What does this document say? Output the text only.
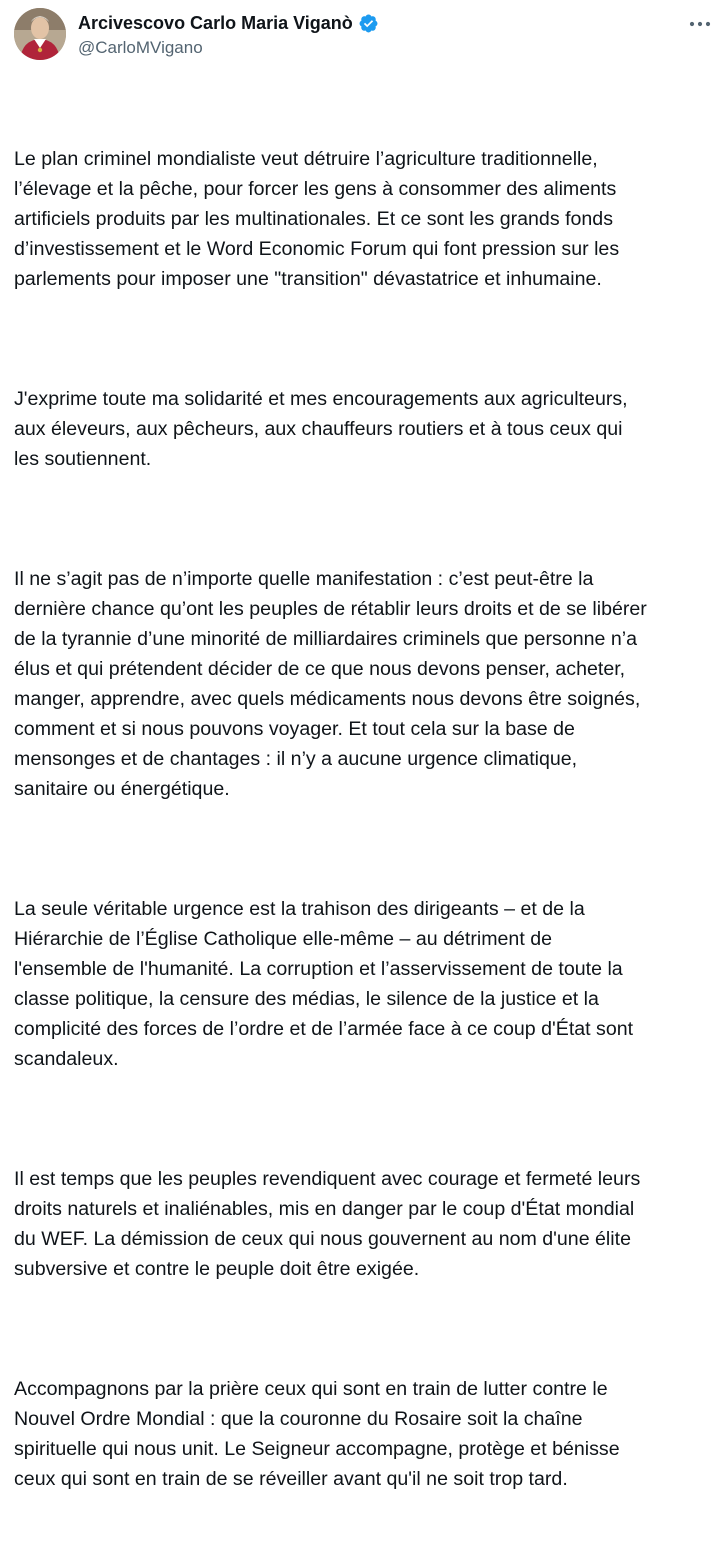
Arcivescovo Carlo Maria Viganò
@CarloMVigano

Le plan criminel mondialiste veut détruire l’agriculture traditionnelle,
l’élevage et la pêche, pour forcer les gens à consommer des aliments
artificiels produits par les multinationales. Et ce sont les grands fonds
d’investissement et le Word Economic Forum qui font pression sur les
parlements pour imposer une "transition" dévastatrice et inhumaine.

J'exprime toute ma solidarité et mes encouragements aux agriculteurs,
aux éleveurs, aux pêcheurs, aux chauffeurs routiers et à tous ceux qui
les soutiennent.

Il ne s’agit pas de n’importe quelle manifestation : c’est peut-être la
dernière chance qu’ont les peuples de rétablir leurs droits et de se libérer
de la tyrannie d’une minorité de milliardaires criminels que personne n’a
élus et qui prétendent décider de ce que nous devons penser, acheter,
manger, apprendre, avec quels médicaments nous devons être soignés,
comment et si nous pouvons voyager. Et tout cela sur la base de
mensonges et de chantages : il n’y a aucune urgence climatique,
sanitaire ou énergétique.

La seule véritable urgence est la trahison des dirigeants – et de la
Hiérarchie de l’Église Catholique elle-même – au détriment de
l'ensemble de l'humanité. La corruption et l’asservissement de toute la
classe politique, la censure des médias, le silence de la justice et la
complicité des forces de l’ordre et de l’armée face à ce coup d'État sont
scandaleux.

Il est temps que les peuples revendiquent avec courage et fermeté leurs
droits naturels et inaliénables, mis en danger par le coup d'État mondial
du WEF. La démission de ceux qui nous gouvernent au nom d'une élite
subversive et contre le peuple doit être exigée.

Accompagnons par la prière ceux qui sont en train de lutter contre le
Nouvel Ordre Mondial : que la couronne du Rosaire soit la chaîne
spirituelle qui nous unit. Le Seigneur accompagne, protège et bénisse
ceux qui sont en train de se réveiller avant qu'il ne soit trop tard.
